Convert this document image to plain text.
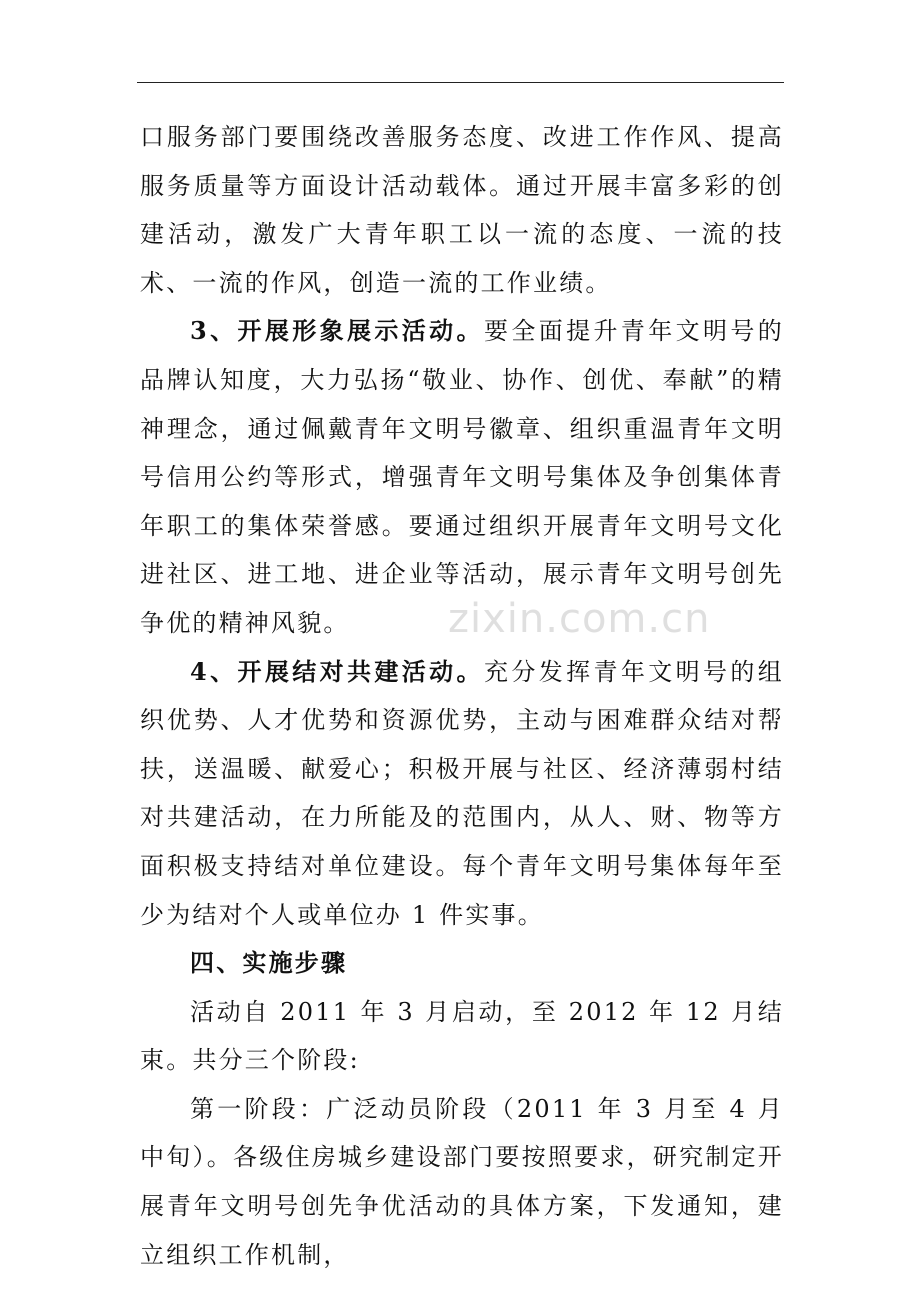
口服务部门要围绕改善服务态度、改进工作作风、提高服务质量等方面设计活动载体。通过开展丰富多彩的创建活动，激发广大青年职工以一流的态度、一流的技术、一流的作风，创造一流的工作业绩。

3、开展形象展示活动。要全面提升青年文明号的品牌认知度，大力弘扬“敬业、协作、创优、奉献”的精神理念，通过佩戴青年文明号徽章、组织重温青年文明号信用公约等形式，增强青年文明号集体及争创集体青年职工的集体荣誉感。要通过组织开展青年文明号文化进社区、进工地、进企业等活动，展示青年文明号创先争优的精神风貌。

4、开展结对共建活动。充分发挥青年文明号的组织优势、人才优势和资源优势，主动与困难群众结对帮扶，送温暖、献爱心；积极开展与社区、经济薄弱村结对共建活动，在力所能及的范围内，从人、财、物等方面积极支持结对单位建设。每个青年文明号集体每年至少为结对个人或单位办 1 件实事。

四、实施步骤

活动自 2011 年 3 月启动，至 2012 年 12 月结束。共分三个阶段:

第一阶段：广泛动员阶段（2011 年 3 月至 4 月中旬）。各级住房城乡建设部门要按照要求，研究制定开展青年文明号创先争优活动的具体方案，下发通知，建立组织工作机制，

zixin.com.cn
